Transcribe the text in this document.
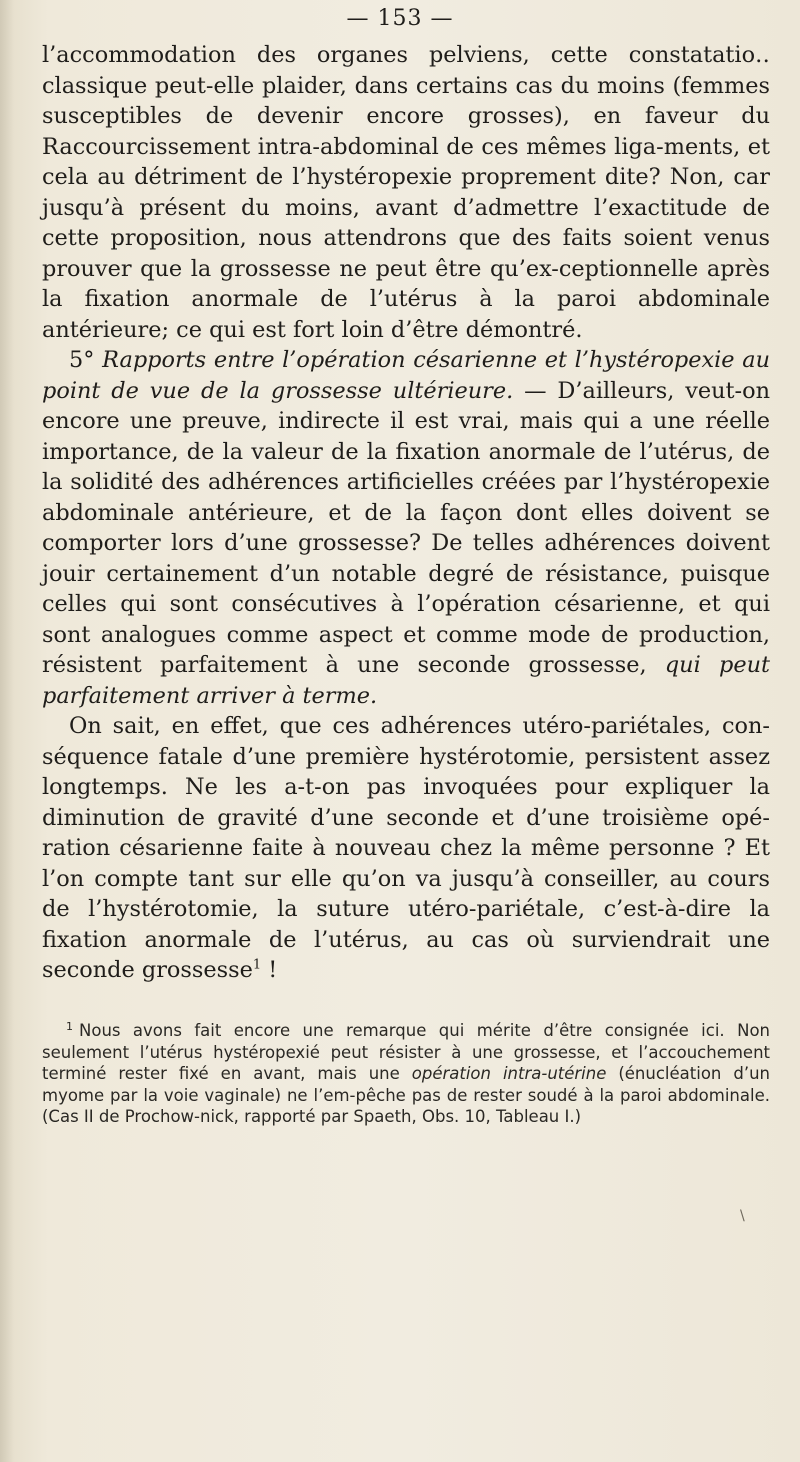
— 153 —

l’accommodation des organes pelviens, cette constatatio‥ classique peut-elle plaider, dans certains cas du moins (femmes susceptibles de devenir encore grosses), en faveur du Raccourcissement intra-abdominal de ces mêmes liga-ments, et cela au détriment de l’hystéropexie proprement dite? Non, car jusqu’à présent du moins, avant d’admettre l’exactitude de cette proposition, nous attendrons que des faits soient venus prouver que la grossesse ne peut être qu’ex-ceptionnelle après la fixation anormale de l’utérus à la paroi abdominale antérieure; ce qui est fort loin d’être démontré.

5° Rapports entre l’opération césarienne et l’hystéropexie au point de vue de la grossesse ultérieure. — D’ailleurs, veut-on encore une preuve, indirecte il est vrai, mais qui a une réelle importance, de la valeur de la fixation anormale de l’utérus, de la solidité des adhérences artificielles créées par l’hystéropexie abdominale antérieure, et de la façon dont elles doivent se comporter lors d’une grossesse? De telles adhérences doivent jouir certainement d’un notable degré de résistance, puisque celles qui sont consécutives à l’opération césarienne, et qui sont analogues comme aspect et comme mode de production, résistent parfaitement à une seconde grossesse, qui peut parfaitement arriver à terme.

On sait, en effet, que ces adhérences utéro-pariétales, con-séquence fatale d’une première hystérotomie, persistent assez longtemps. Ne les a-t-on pas invoquées pour expliquer la diminution de gravité d’une seconde et d’une troisième opé-ration césarienne faite à nouveau chez la même personne ? Et l’on compte tant sur elle qu’on va jusqu’à conseiller, au cours de l’hystérotomie, la suture utéro-pariétale, c’est-à-dire la fixation anormale de l’utérus, au cas où surviendrait une seconde grossesse$^1$ !

$^1$ Nous avons fait encore une remarque qui mérite d’être consignée ici. Non seulement l’utérus hystéropexié peut résister à une grossesse, et l’accouchement terminé rester fixé en avant, mais une opération intra-utérine (énucléation d’un myome par la voie vaginale) ne l’em-pêche pas de rester soudé à la paroi abdominale. (Cas II de Prochow-nick, rapporté par Spaeth, Obs. 10, Tableau I.)
\
